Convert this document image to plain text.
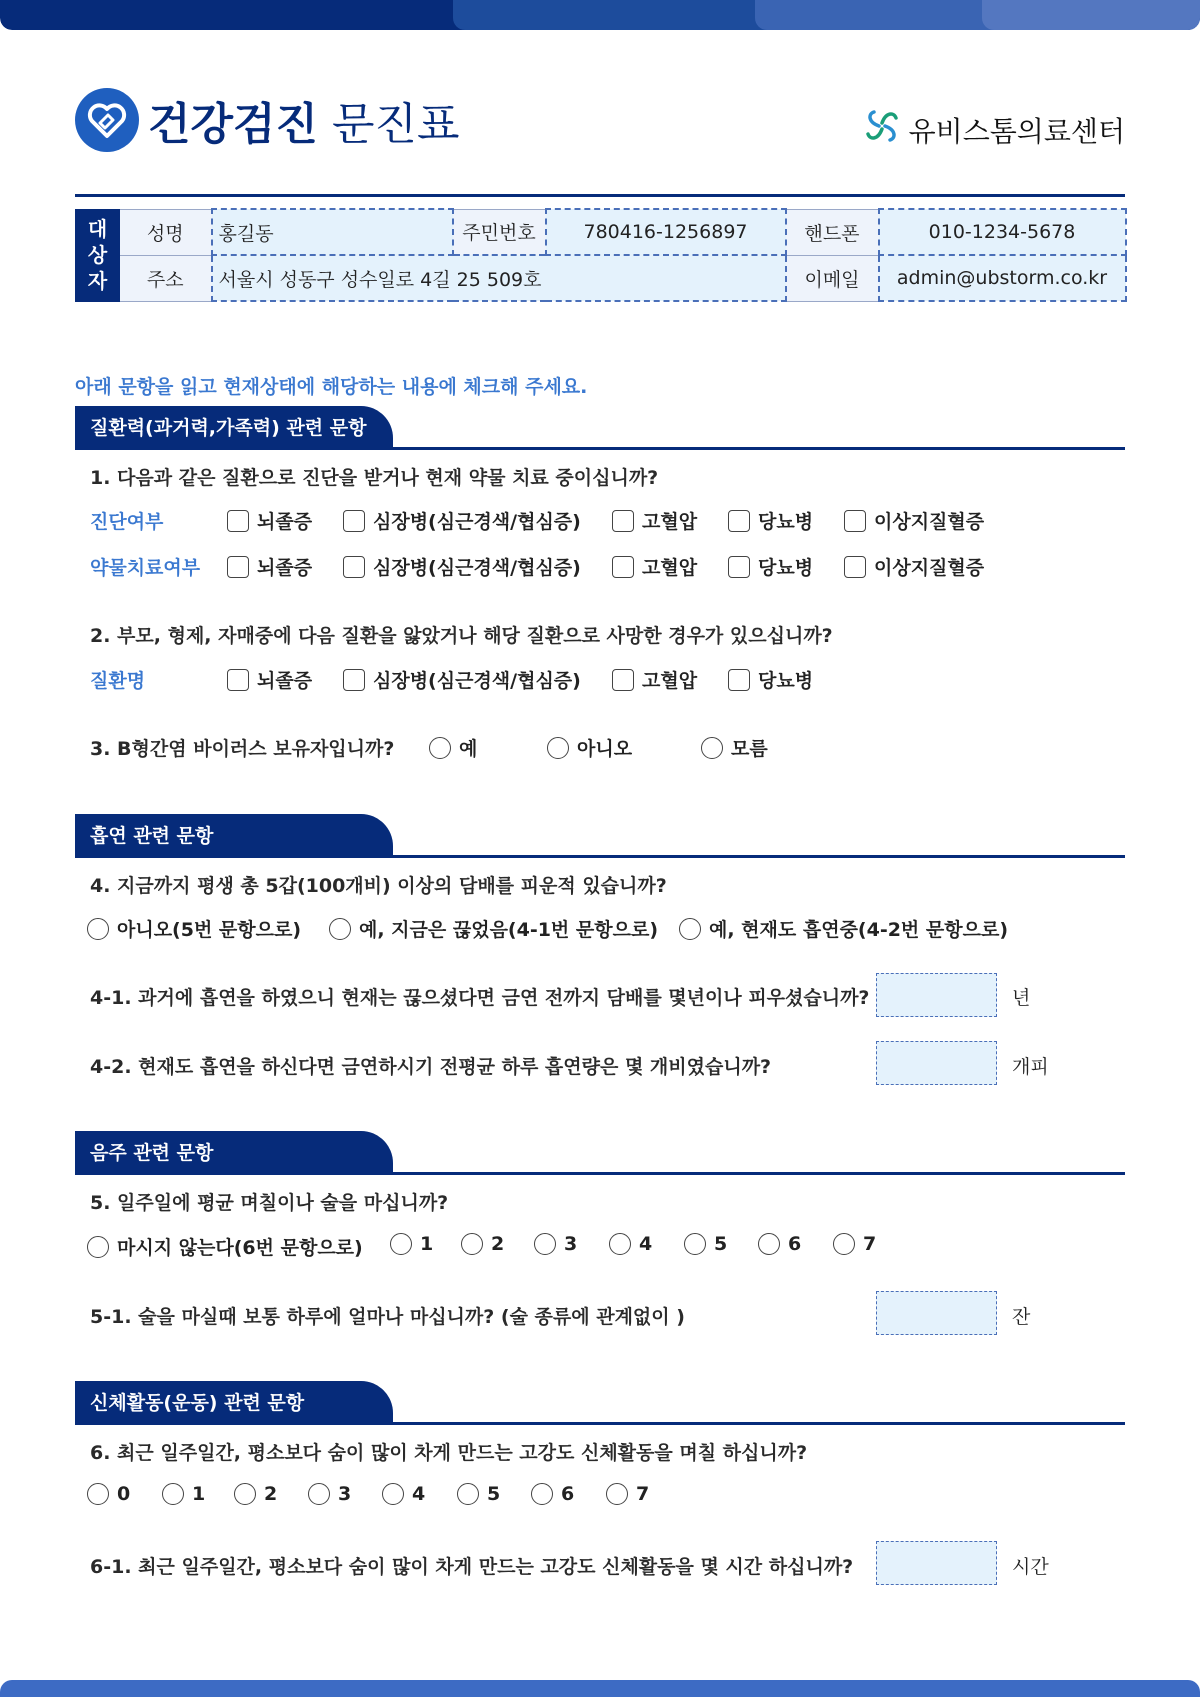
건강검진 문진표	유비스톰의료센터
대
상
자	성명	홍길동	주민번호	780416-1256897	핸드폰	010-1234-5678
	주소	서울시 성동구 성수일로 4길 25 509호			이메일	admin@ubstorm.co.kr
아래 문항을 읽고 현재상태에 해당하는 내용에 체크해 주세요.
질환력(과거력,가족력) 관련 문항
1. 다음과 같은 질환으로 진단을 받거나 현재 약물 치료 중이십니까?
진단여부	뇌졸증	심장병(심근경색/협심증)	고혈압	당뇨병	이상지질혈증
약물치료여부	뇌졸증	심장병(심근경색/협심증)	고혈압	당뇨병	이상지질혈증
2. 부모, 형제, 자매중에 다음 질환을 앓았거나 해당 질환으로 사망한 경우가 있으십니까?
질환명	뇌졸증	심장병(심근경색/협심증)	고혈압	당뇨병
3. B형간염 바이러스 보유자입니까?	예	아니오	모름
흡연 관련 문항
4. 지금까지 평생 총 5갑(100개비) 이상의 담배를 피운적 있습니까?
아니오(5번 문항으로)	예, 지금은 끊었음(4-1번 문항으로)	예, 현재도 흡연중(4-2번 문항으로)
4-1. 과거에 흡연을 하였으니 현재는 끊으셨다면 금연 전까지 담배를 몇년이나 피우셨습니까?	년
4-2. 현재도 흡연을 하신다면 금연하시기 전평균 하루 흡연량은 몇 개비였습니까?	개피
음주 관련 문항
5. 일주일에 평균 며칠이나 술을 마십니까?
마시지 않는다(6번 문항으로)	1	2	3	4	5	6	7
5-1. 술을 마실때 보통 하루에 얼마나 마십니까? (술 종류에 관계없이 )	잔
신체활동(운동) 관련 문항
6. 최근 일주일간, 평소보다 숨이 많이 차게 만드는 고강도 신체활동을 며칠 하십니까?
0	1	2	3	4	5	6	7
6-1. 최근 일주일간, 평소보다 숨이 많이 차게 만드는 고강도 신체활동을 몇 시간 하십니까?	시간
